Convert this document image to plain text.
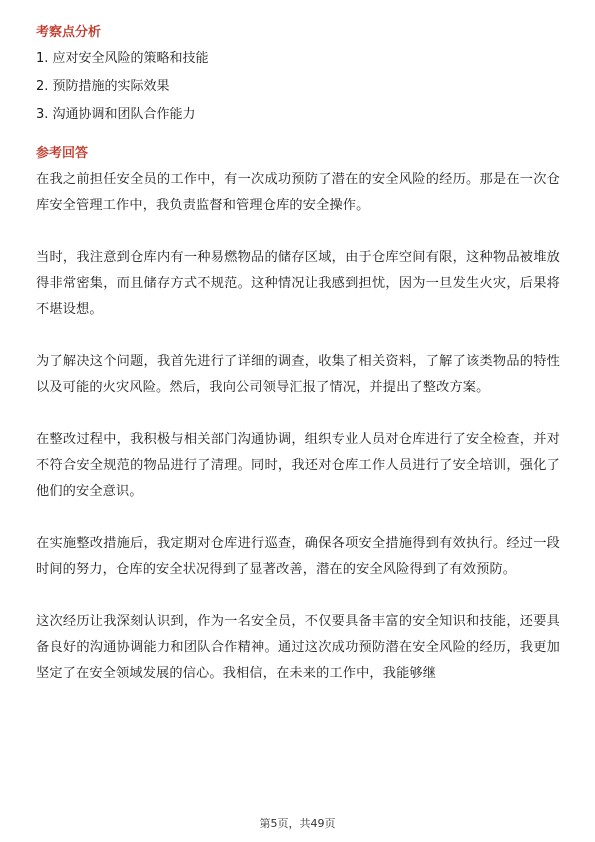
考察点分析
1. 应对安全风险的策略和技能
2. 预防措施的实际效果
3. 沟通协调和团队合作能力
参考回答

在我之前担任安全员的工作中，有一次成功预防了潜在的安全风险的经历。那是在一次仓库安全管理工作中，我负责监督和管理仓库的安全操作。

当时，我注意到仓库内有一种易燃物品的储存区域，由于仓库空间有限，这种物品被堆放得非常密集，而且储存方式不规范。这种情况让我感到担忧，因为一旦发生火灾，后果将不堪设想。

为了解决这个问题，我首先进行了详细的调查，收集了相关资料，了解了该类物品的特性以及可能的火灾风险。然后，我向公司领导汇报了情况，并提出了整改方案。

在整改过程中，我积极与相关部门沟通协调，组织专业人员对仓库进行了安全检查，并对不符合安全规范的物品进行了清理。同时，我还对仓库工作人员进行了安全培训，强化了他们的安全意识。

在实施整改措施后，我定期对仓库进行巡查，确保各项安全措施得到有效执行。经过一段时间的努力，仓库的安全状况得到了显著改善，潜在的安全风险得到了有效预防。

这次经历让我深刻认识到，作为一名安全员，不仅要具备丰富的安全知识和技能，还要具备良好的沟通协调能力和团队合作精神。通过这次成功预防潜在安全风险的经历，我更加坚定了在安全领域发展的信心。我相信，在未来的工作中，我能够继

第5页，共49页
